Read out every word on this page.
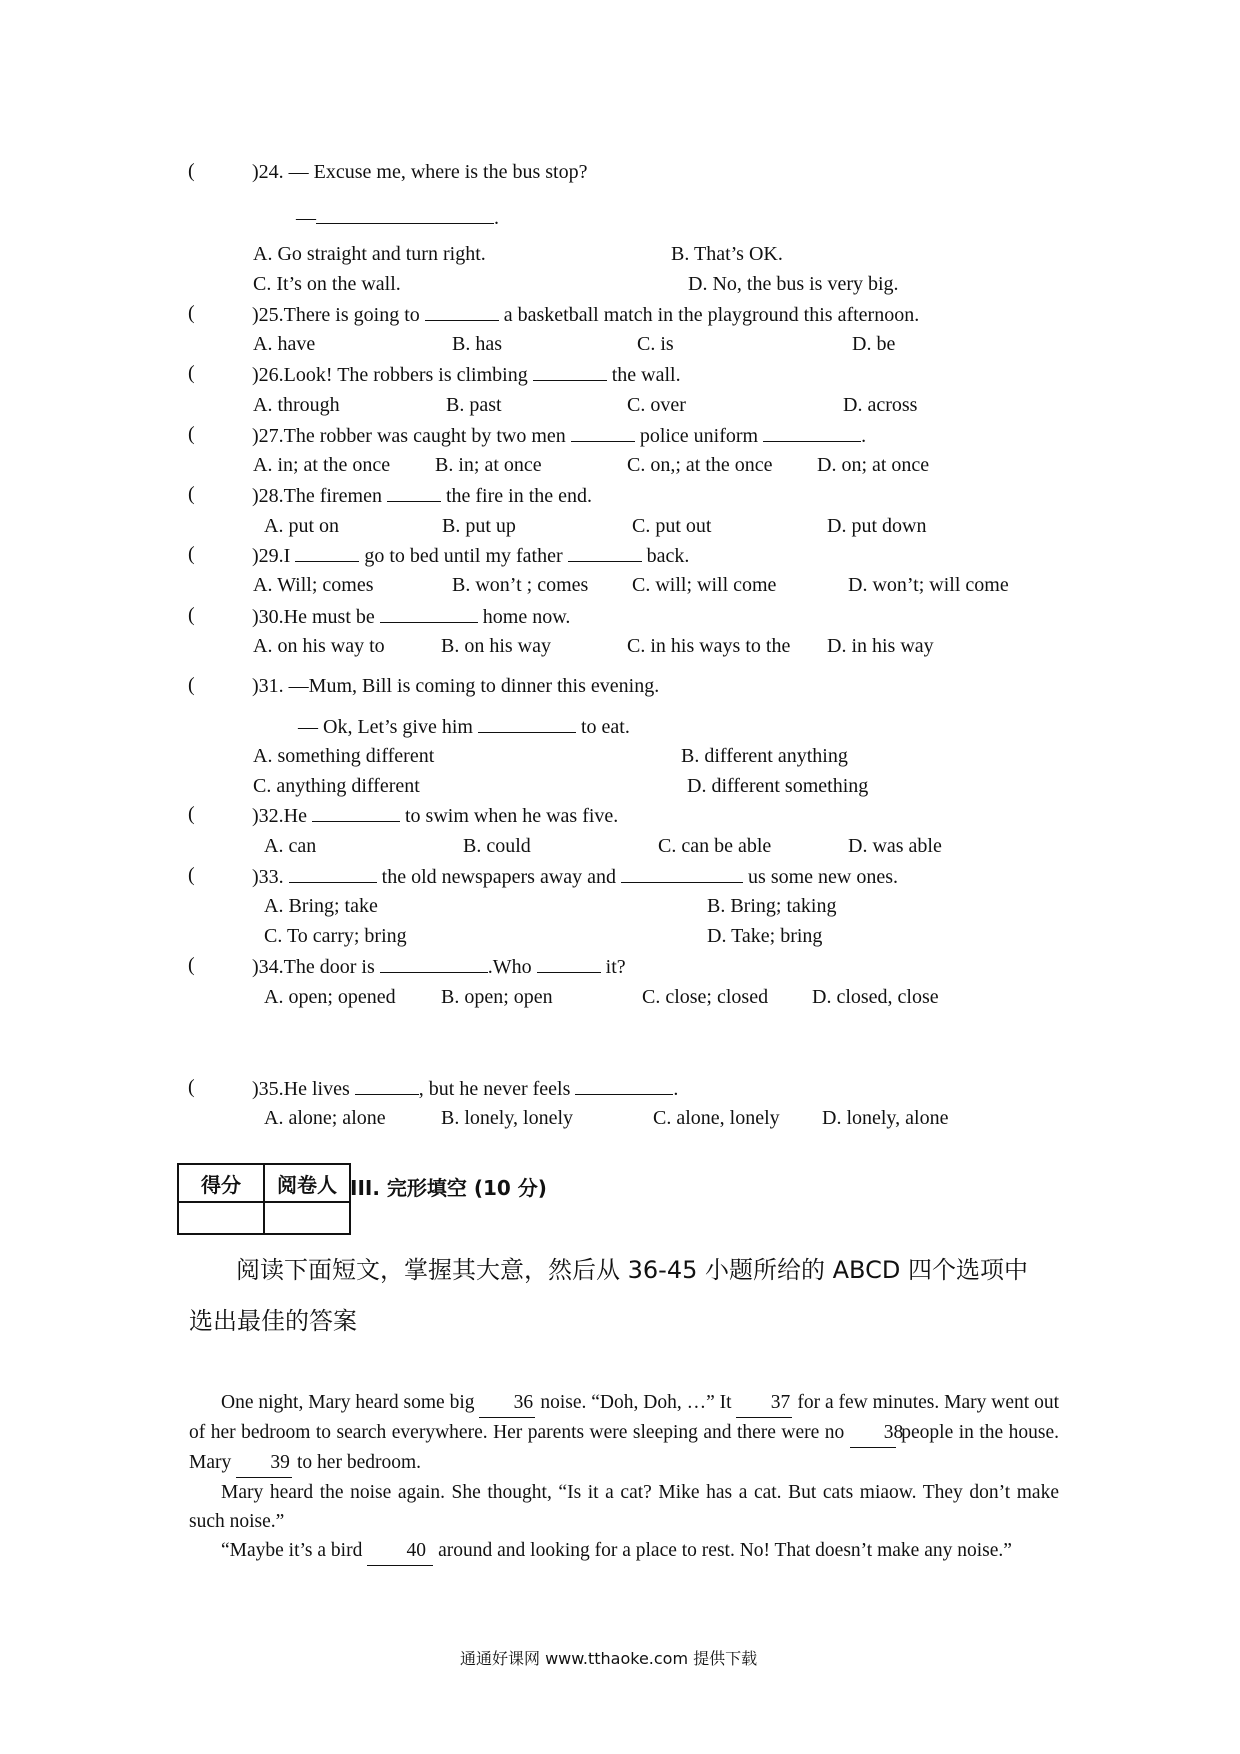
(	)24. — Excuse me, where is the bus stop?
—	.
A. Go straight and turn right.	B. That’s OK.
C. It’s on the wall.	D. No, the bus is very big.
(	)25.There is going to	a basketball match in the playground this afternoon.
A. have	B. has	C. is	D. be
(	)26.Look! The robbers is climbing	the wall.
A. through	B. past	C. over	D. across
(	)27.The robber was caught by two men	police uniform	.
A. in; at the once B. in; at once	C. on,; at the once D. on; at once
(	)28.The firemen	the fire in the end.
A. put on	B. put up	C. put out	D. put down
(	)29.I	go to bed until my father	back.
A. Will; comes	B. won’t ; comes C. will; will come	D. won’t; will come
(	)30.He must be	home now.
A. on his way to	B. on his way	C. in his ways to the D. in his way
(	)31. —Mum, Bill is coming to dinner this evening.
— Ok, Let’s give him	to eat.
A. something different	B. different anything
C. anything different	D. different something
(	)32.He	to swim when he was five.
A. can	B. could	C. can be able	D. was able
(	)33.	the old newspapers away and	us some new ones.
A. Bring; take	B. Bring; taking
C. To carry; bring	D. Take; bring
(	)34.The door is	.Who	it?
A. open; opened B. open; open	C. close; closed D. closed, close
(	)35.He lives	, but he never feels	.
A. alone; alone	B. lonely, lonely	C. alone, lonely D. lonely, alone
得分	阅卷人
	III. 完形填空 (10 分)
阅读下面短文，掌握其大意，然后从 36-45 小题所给的 ABCD 四个选项中
选出最佳的答案

One night, Mary heard some big 36 noise. “Doh, Doh, …” It 37 for a few minutes. Mary went out of her bedroom to search everywhere. Her parents were sleeping and there were no 38 people in the house. Mary 39 to her bedroom.

Mary heard the noise again. She thought, “Is it a cat? Mike has a cat. But cats miaow. They don’t make such noise.”

“Maybe it’s a bird 40 around and looking for a place to rest. No! That doesn’t make any noise.”

通通好课网 www.tthaoke.com 提供下载
